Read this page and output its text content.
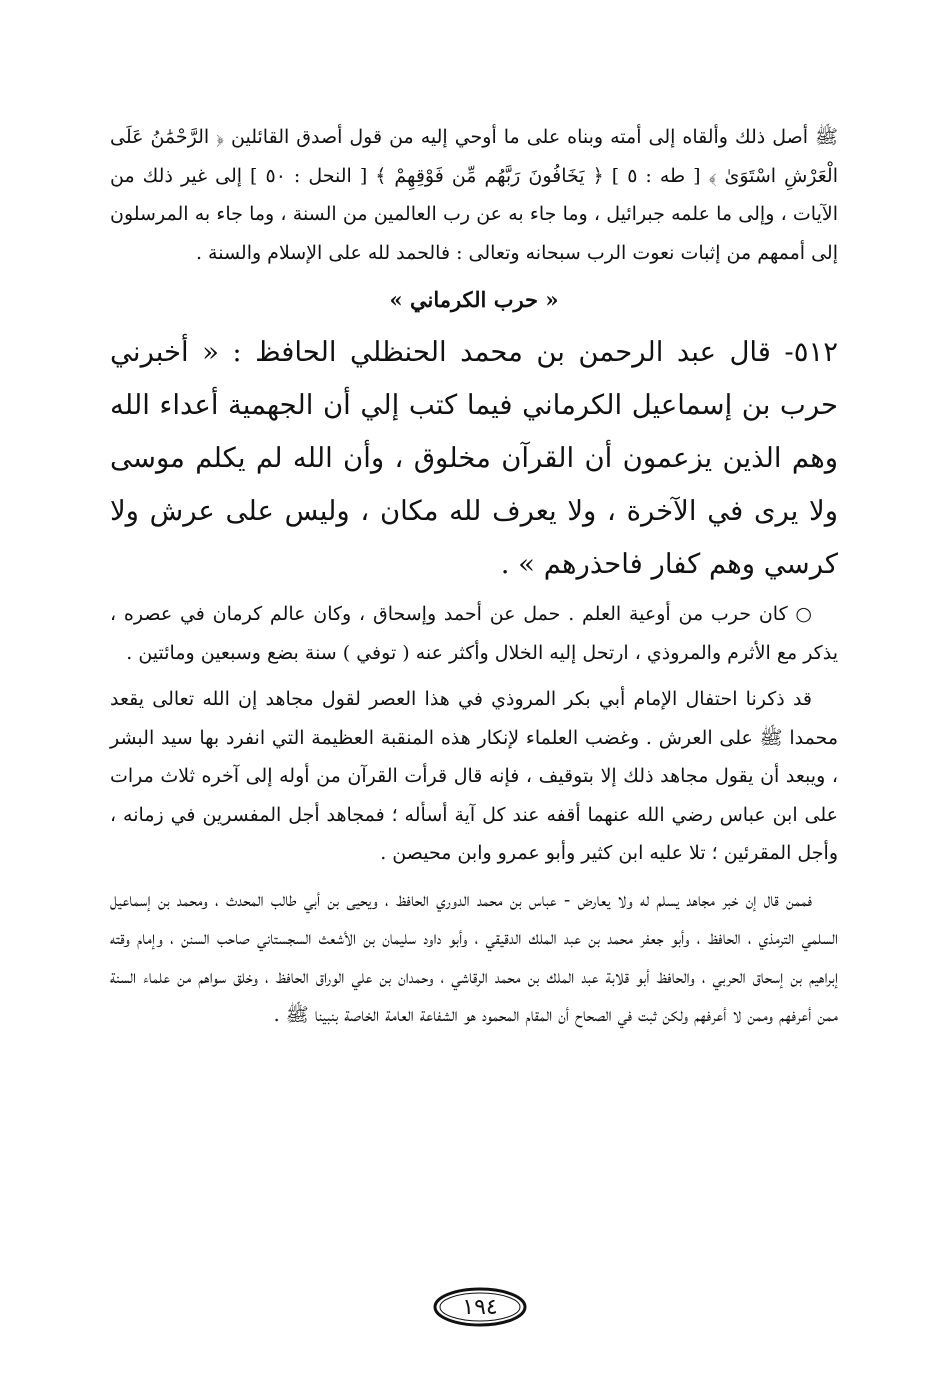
ﷺ أصل ذلك وألقاه إلى أمته وبناه على ما أوحي إليه من قول أصدق القائلين ﴿ الرَّحْمَٰنُ عَلَى الْعَرْشِ اسْتَوَىٰ ﴾ [ طه : ٥ ] ﴿ يَخَافُونَ رَبَّهُم مِّن فَوْقِهِمْ ﴾ [ النحل : ٥٠ ] إلى غير ذلك من الآيات ، وإلى ما علمه جبرائيل ، وما جاء به عن رب العالمين من السنة ، وما جاء به المرسلون إلى أممهم من إثبات نعوت الرب سبحانه وتعالى : فالحمد لله على الإسلام والسنة .

« حرب الكرماني »

٥١٢- قال عبد الرحمن بن محمد الحنظلي الحافظ : « أخبرني حرب بن إسماعيل الكرماني فيما كتب إلي أن الجهمية أعداء الله وهم الذين يزعمون أن القرآن مخلوق ، وأن الله لم يكلم موسى ولا يرى في الآخرة ، ولا يعرف لله مكان ، وليس على عرش ولا كرسي وهم كفار فاحذرهم » .

○ كان حرب من أوعية العلم . حمل عن أحمد وإسحاق ، وكان عالم كرمان في عصره ، يذكر مع الأثرم والمروذي ، ارتحل إليه الخلال وأكثر عنه ( توفي ) سنة بضع وسبعين ومائتين .

قد ذكرنا احتفال الإمام أبي بكر المروذي في هذا العصر لقول مجاهد إن الله تعالى يقعد محمدا ﷺ على العرش . وغضب العلماء لإنكار هذه المنقبة العظيمة التي انفرد بها سيد البشر ، ويبعد أن يقول مجاهد ذلك إلا بتوقيف ، فإنه قال قرأت القرآن من أوله إلى آخره ثلاث مرات على ابن عباس رضي الله عنهما أقفه عند كل آية أسأله ؛ فمجاهد أجل المفسرين في زمانه ، وأجل المقرئين ؛ تلا عليه ابن كثير وأبو عمرو وابن محيصن .

فممن قال إن خبر مجاهد يسلم له ولا يعارض - عباس بن محمد الدوري الحافظ ، ويحيى بن أبي طالب المحدث ، ومحمد بن إسماعيل السلمي الترمذي ، الحافظ ، وأبو جعفر محمد بن عبد الملك الدقيقي ، وأبو داود سليمان بن الأشعث السجستاني صاحب السنن ، وإمام وقته إبراهيم بن إسحاق الحربي ، والحافظ أبو قلابة عبد الملك بن محمد الرقاشي ، وحمدان بن علي الوراق الحافظ ، وخلق سواهم من علماء السنة ممن أعرفهم وممن لا أعرفهم ولكن ثبت في الصحاح أن المقام المحمود هو الشفاعة العامة الخاصة بنبينا ﷺ .

١٩٤
